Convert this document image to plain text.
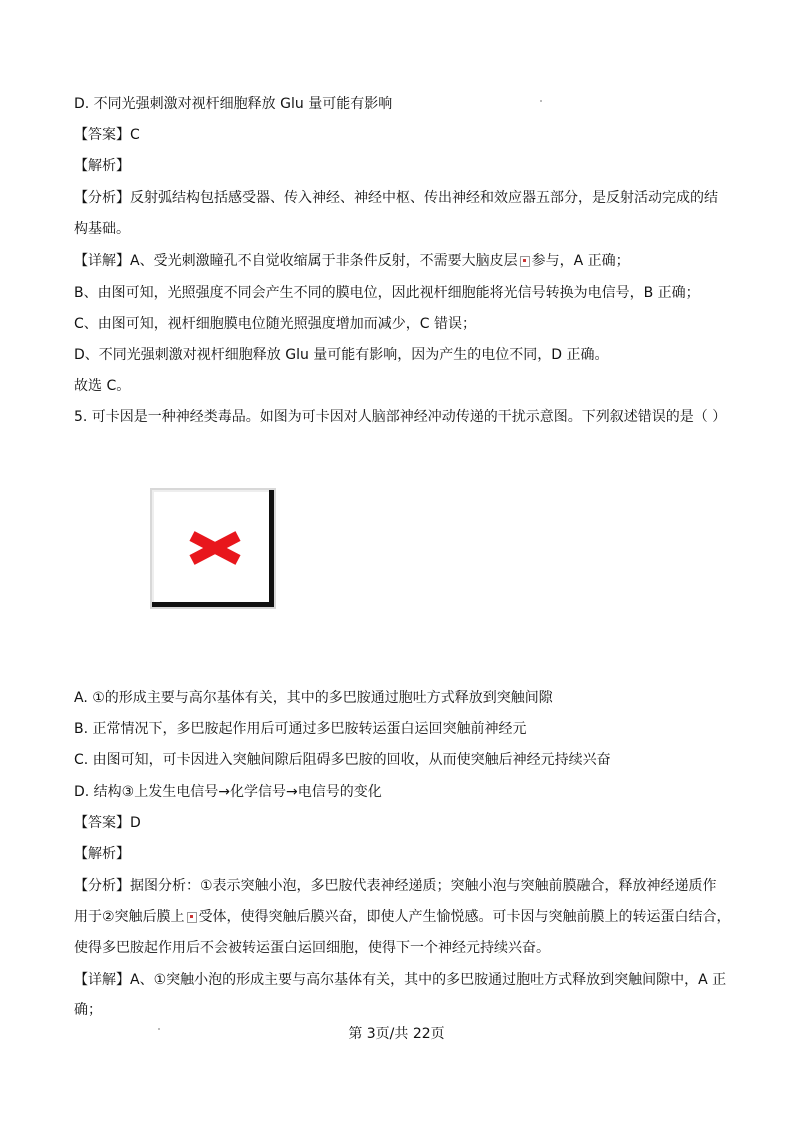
D. 不同光强刺激对视杆细胞释放 Glu 量可能有影响
【答案】C
【解析】
【分析】反射弧结构包括感受器、传入神经、神经中枢、传出神经和效应器五部分，是反射活动完成的结
构基础。
【详解】A、受光刺激瞳孔不自觉收缩属于非条件反射，不需要大脑皮层 参与，A 正确；
B、由图可知，光照强度不同会产生不同的膜电位，因此视杆细胞能将光信号转换为电信号，B 正确；
C、由图可知，视杆细胞膜电位随光照强度增加而减少，C 错误；
D、不同光强刺激对视杆细胞释放 Glu 量可能有影响，因为产生的电位不同，D 正确。
故选 C。
5. 可卡因是一种神经类毒品。如图为可卡因对人脑部神经冲动传递的干扰示意图。下列叙述错误的是（ ）
A. ①的形成主要与高尔基体有关，其中的多巴胺通过胞吐方式释放到突触间隙
B. 正常情况下，多巴胺起作用后可通过多巴胺转运蛋白运回突触前神经元
C. 由图可知，可卡因进入突触间隙后阻碍多巴胺的回收，从而使突触后神经元持续兴奋
D. 结构③上发生电信号→化学信号→电信号的变化
【答案】D
【解析】
【分析】据图分析：①表示突触小泡，多巴胺代表神经递质；突触小泡与突触前膜融合，释放神经递质作
用于②突触后膜上 受体，使得突触后膜兴奋，即使人产生愉悦感。可卡因与突触前膜上的转运蛋白结合，
使得多巴胺起作用后不会被转运蛋白运回细胞，使得下一个神经元持续兴奋。
【详解】A、①突触小泡的形成主要与高尔基体有关，其中的多巴胺通过胞吐方式释放到突触间隙中，A 正
确；
第 3页/共 22页
